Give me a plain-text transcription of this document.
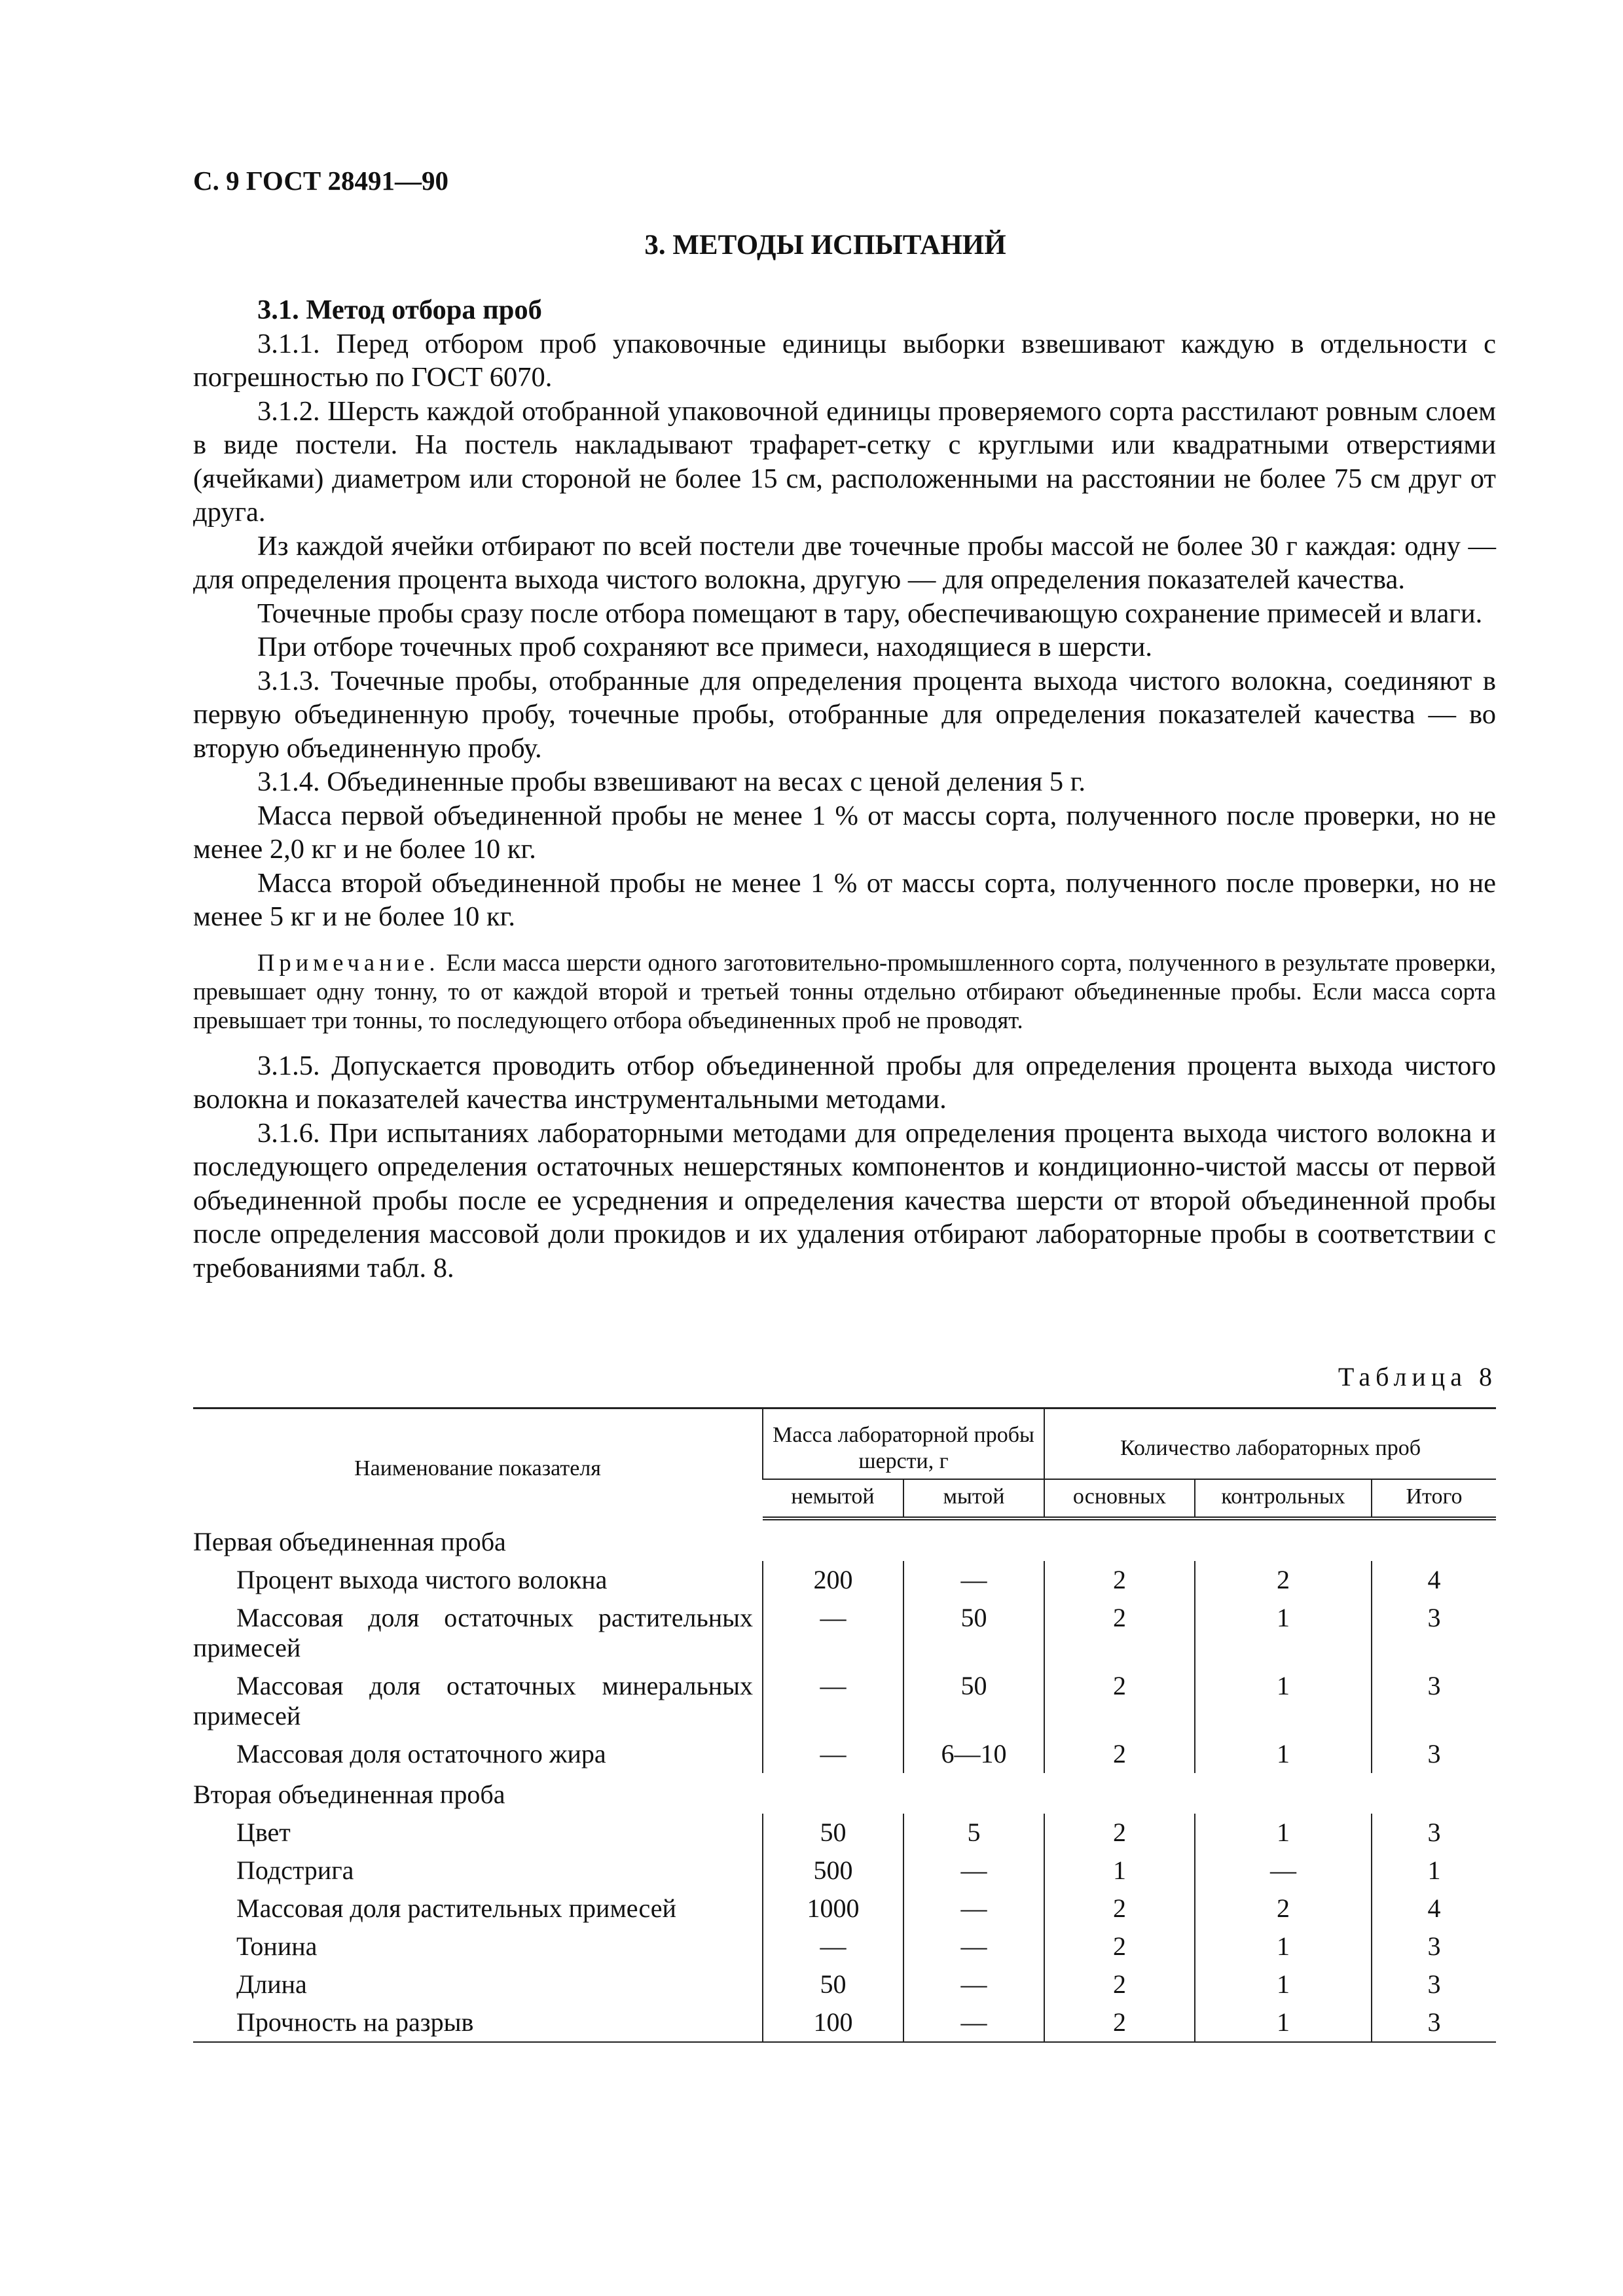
С. 9 ГОСТ 28491—90
3. МЕТОДЫ ИСПЫТАНИЙ

3.1. Метод отбора проб

3.1.1. Перед отбором проб упаковочные единицы выборки взвешивают каждую в отдельности с погрешностью по ГОСТ 6070.

3.1.2. Шерсть каждой отобранной упаковочной единицы проверяемого сорта расстилают ровным слоем в виде постели. На постель накладывают трафарет-сетку с круглыми или квадратными отверстиями (ячейками) диаметром или стороной не более 15 см, расположенными на расстоянии не более 75 см друг от друга.

Из каждой ячейки отбирают по всей постели две точечные пробы массой не более 30 г каждая: одну — для определения процента выхода чистого волокна, другую — для определения показателей качества.

Точечные пробы сразу после отбора помещают в тару, обеспечивающую сохранение примесей и влаги.

При отборе точечных проб сохраняют все примеси, находящиеся в шерсти.

3.1.3. Точечные пробы, отобранные для определения процента выхода чистого волокна, соединяют в первую объединенную пробу, точечные пробы, отобранные для определения показателей качества — во вторую объединенную пробу.

3.1.4. Объединенные пробы взвешивают на весах с ценой деления 5 г.

Масса первой объединенной пробы не менее 1 % от массы сорта, полученного после проверки, но не менее 2,0 кг и не более 10 кг.

Масса второй объединенной пробы не менее 1 % от массы сорта, полученного после проверки, но не менее 5 кг и не более 10 кг.

Примечание. Если масса шерсти одного заготовительно-промышленного сорта, полученного в результате проверки, превышает одну тонну, то от каждой второй и третьей тонны отдельно отбирают объединенные пробы. Если масса сорта превышает три тонны, то последующего отбора объединенных проб не проводят.

3.1.5. Допускается проводить отбор объединенной пробы для определения процента выхода чистого волокна и показателей качества инструментальными методами.

3.1.6. При испытаниях лабораторными методами для определения процента выхода чистого волокна и последующего определения остаточных нешерстяных компонентов и кондиционно-чистой массы от первой объединенной пробы после ее усреднения и определения качества шерсти от второй объединенной пробы после определения массовой доли прокидов и их удаления отбирают лабораторные пробы в соответствии с требованиями табл. 8.

Таблица 8
Наименование показателя	Масса лабораторной пробы шерсти, г		Количество лабораторных проб		
	немытой	мытой	основных	контрольных	Итого
Первая объединенная проба					

Процент выхода чистого волокна	200	—	2	2	4

Массовая доля остаточных растительных примесей	—	50	2	1	3

Массовая доля остаточных минеральных примесей	—	50	2	1	3

Массовая доля остаточного жира	—	6—10	2	1	3
Вторая объединенная проба					

Цвет	50	5	2	1	3

Подстрига	500	—	1	—	1

Массовая доля растительных примесей	1000	—	2	2	4

Тонина	—	—	2	1	3

Длина	50	—	2	1	3

Прочность на разрыв	100	—	2	1	3
